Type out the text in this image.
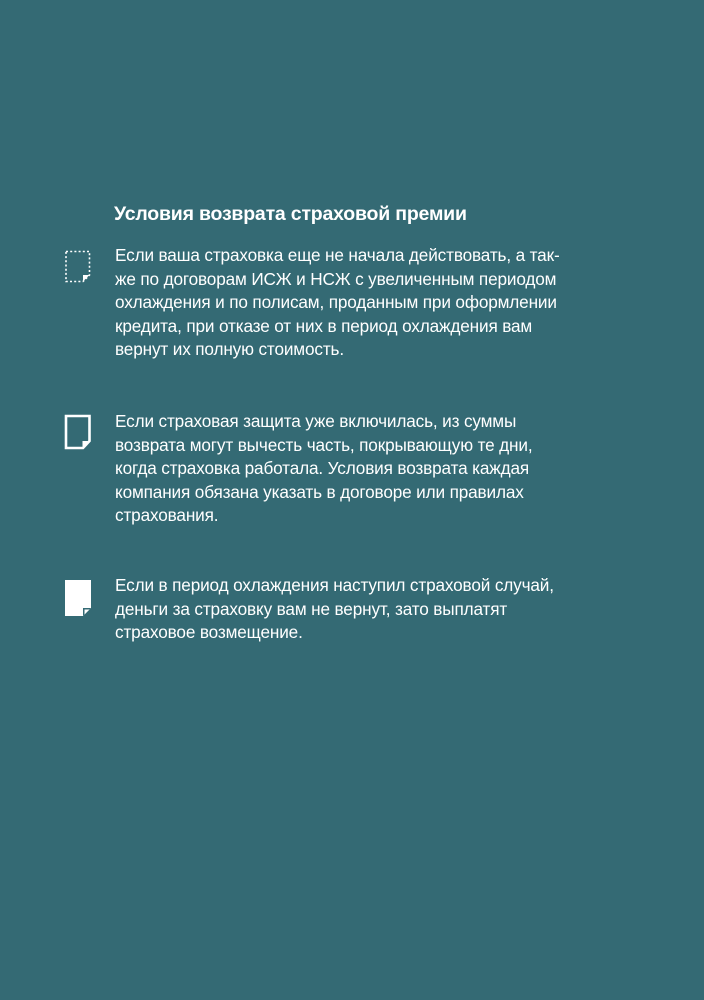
Условия возврата страховой премии

Если ваша страховка еще не начала действовать, а так-
же по договорам ИСЖ и НСЖ с увеличенным периодом
охлаждения и по полисам, проданным при оформлении
кредита, при отказе от них в период охлаждения вам
вернут их полную стоимость.

Если страховая защита уже включилась, из суммы
возврата могут вычесть часть, покрывающую те дни,
когда страховка работала. Условия возврата каждая
компания обязана указать в договоре или правилах
страхования.

Если в период охлаждения наступил страховой случай,
деньги за страховку вам не вернут, зато выплатят
страховое возмещение.
